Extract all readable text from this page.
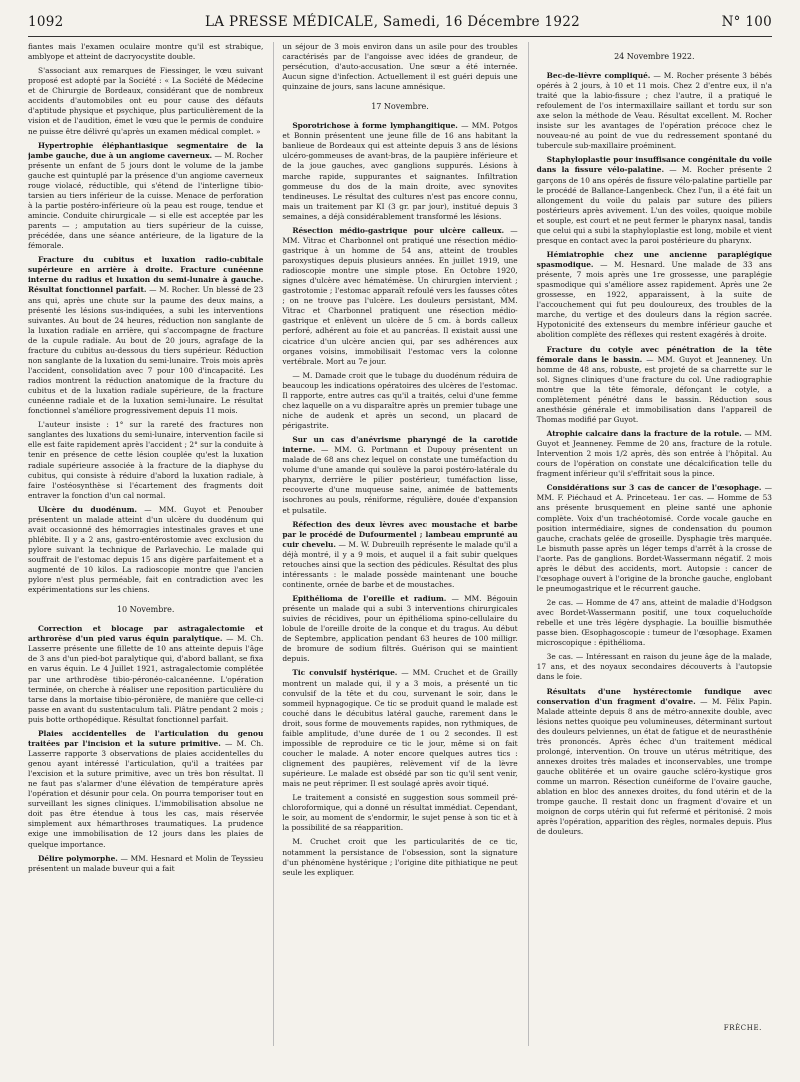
1092	LA PRESSE MÉDICALE, Samedi, 16 Décembre 1922	N° 100

fiantes mais l'examen oculaire montre qu'il est strabique, amblyope et atteint de dacryocystite double.

S'associant aux remarques de Fiessinger, le vœu suivant proposé est adopté par la Société : « La Société de Médecine et de Chirurgie de Bordeaux, considérant que de nombreux accidents d'automobiles ont eu pour cause des défauts d'aptitude physique et psychique, plus particulièrement de la vision et de l'audition, émet le vœu que le permis de conduire ne puisse être délivré qu'après un examen médical complet. »

Hypertrophie éléphantiasique segmentaire de la jambe gauche, due à un angiome caverneux. — M. Rocher présente un enfant de 5 jours dont le volume de la jambe gauche est quintuplé par la présence d'un angiome caverneux rouge violacé, réductible, qui s'étend de l'interligne tibio-tarsien au tiers inférieur de la cuisse. Menace de perforation à la partie postéro-inférieure où la peau est rouge, tendue et amincie. Conduite chirurgicale — si elle est acceptée par les parents — ; amputation au tiers supérieur de la cuisse, précédée, dans une séance antérieure, de la ligature de la fémorale.

Fracture du cubitus et luxation radio-cubitale supérieure en arrière à droite. Fracture cunéenne interne du radius et luxation du semi-lunaire à gauche. Résultat fonctionnel parfait. — M. Rocher. Un blessé de 23 ans qui, après une chute sur la paume des deux mains, a présenté les lésions sus-indiquées, a subi les interventions suivantes. Au bout de 24 heures, réduction non sanglante de la luxation radiale en arrière, qui s'accompagne de fracture de la cupule radiale. Au bout de 20 jours, agrafage de la fracture du cubitus au-dessous du tiers supérieur. Réduction non sanglante de la luxation du semi-lunaire. Trois mois après l'accident, consolidation avec 7 pour 100 d'incapacité. Les radios montrent la réduction anatomique de la fracture du cubitus et de la luxation radiale supérieure, de la fracture cunéenne radiale et de la luxation semi-lunaire. Le résultat fonctionnel s'améliore progressivement depuis 11 mois.

L'auteur insiste : 1° sur la rareté des fractures non sanglantes des luxations du semi-lunaire, intervention facile si elle est faite rapidement après l'accident ; 2° sur la conduite à tenir en présence de cette lésion couplée qu'est la luxation radiale supérieure associée à la fracture de la diaphyse du cubitus, qui consiste à réduire d'abord la luxation radiale, à faire l'ostéosynthèse si l'écartement des fragments doit entraver la fonction d'un cal normal.

Ulcère du duodénum. — MM. Guyot et Penouber présentent un malade atteint d'un ulcère du duodénum qui avait occasionné des hémorragies intestinales graves et une phlébite. Il y a 2 ans, gastro-entérostomie avec exclusion du pylore suivant la technique de Parlavechio. Le malade qui souffrait de l'estomac depuis 15 ans digère parfaitement et a augmenté de 10 kilos. La radioscopie montre que l'ancien pylore n'est plus perméable, fait en contradiction avec les expérimentations sur les chiens.

10 Novembre.

Correction et blocage par astragalectomie et arthrorèse d'un pied varus équin paralytique. — M. Ch. Lasserre présente une fillette de 10 ans atteinte depuis l'âge de 3 ans d'un pied-bot paralytique qui, d'abord ballant, se fixa en varus équin. Le 4 Juillet 1921, astragalectomie complétée par une arthrodèse tibio-péronéo-calcanéenne. L'opération terminée, on cherche à réaliser une reposition particulière du tarse dans la mortaise tibio-péronière, de manière que celle-ci passe en avant du sustentaculum tali. Plâtre pendant 2 mois ; puis botte orthopédique. Résultat fonctionnel parfait.

Plaies accidentelles de l'articulation du genou traitées par l'incision et la suture primitive. — M. Ch. Lasserre rapporte 3 observations de plaies accidentelles du genou ayant intéressé l'articulation, qu'il a traitées par l'excision et la suture primitive, avec un très bon résultat. Il ne faut pas s'alarmer d'une élévation de température après l'opération et désunir pour cela. On pourra temporiser tout en surveillant les signes cliniques. L'immobilisation absolue ne doit pas être étendue à tous les cas, mais réservée simplement aux hémarthroses traumatiques. La prudence exige une immobilisation de 12 jours dans les plaies de quelque importance.

Délire polymorphe. — MM. Hesnard et Molin de Teyssieu présentent un malade buveur qui a fait

un séjour de 3 mois environ dans un asile pour des troubles caractérisés par de l'angoisse avec idées de grandeur, de persécution, d'auto-accusation. Une sœur a été internée. Aucun signe d'infection. Actuellement il est guéri depuis une quinzaine de jours, sans lacune amnésique.

17 Novembre.

Sporotrichose à forme lymphangitique. — MM. Potgos et Bonnin présentent une jeune fille de 16 ans habitant la banlieue de Bordeaux qui est atteinte depuis 3 ans de lésions ulcéro-gommeuses de avant-bras, de la paupière inférieure et de la joue gauches, avec ganglions suppurés. Lésions à marche rapide, suppurantes et saignantes. Infiltration gommeuse du dos de la main droite, avec synovites tendineuses. Le résultat des cultures n'est pas encore connu, mais un traitement par KI (3 gr. par jour), institué depuis 3 semaines, a déjà considérablement transformé les lésions.

Résection médio-gastrique pour ulcère calleux. — MM. Vitrac et Charbonnel ont pratiqué une résection médio-gastrique à un homme de 54 ans, atteint de troubles paroxystiques depuis plusieurs années. En juillet 1919, une radioscopie montre une simple ptose. En Octobre 1920, signes d'ulcère avec hématémèse. Un chirurgien intervient ; gastrotomie ; l'estomac apparaît refoulé vers les fausses côtes ; on ne trouve pas l'ulcère. Les douleurs persistant, MM. Vitrac et Charbonnel pratiquent une résection médio-gastrique et enlèvent un ulcère de 5 cm. à bords calleux perforé, adhérent au foie et au pancréas. Il existait aussi une cicatrice d'un ulcère ancien qui, par ses adhérences aux organes voisins, immobilisait l'estomac vers la colonne vertébrale. Mort au 7e jour.

— M. Damade croit que le tubage du duodénum réduira de beaucoup les indications opératoires des ulcères de l'estomac. Il rapporte, entre autres cas qu'il a traités, celui d'une femme chez laquelle on a vu disparaître après un premier tubage une niche de audenk et après un second, un placard de périgastrite.

Sur un cas d'anévrisme pharyngé de la carotide interne. — MM. G. Portmann et Dupouy présentent un malade de 68 ans chez lequel on constate une tuméfaction du volume d'une amande qui soulève la paroi postéro-latérale du pharynx, derrière le pilier postérieur, tuméfaction lisse, recouverte d'une muqueuse saine, animée de battements isochrones au pouls, réniforme, régulière, douée d'expansion et pulsatile.

Réfection des deux lèvres avec moustache et barbe par le procédé de Dufourmentel ; lambeau emprunté au cuir chevelu. — M. W. Dubreuilh représente le malade qu'il a déjà montré, il y a 9 mois, et auquel il a fait subir quelques retouches ainsi que la section des pédicules. Résultat des plus intéressants : le malade possède maintenant une bouche continente, ornée de barbe et de moustaches.

Epithélioma de l'oreille et radium. — MM. Bégouin présente un malade qui a subi 3 interventions chirurgicales suivies de récidives, pour un épithélioma spino-cellulaire du lobule de l'oreille droite de la conque et du tragus. Au début de Septembre, application pendant 63 heures de 100 milligr. de bromure de sodium filtrés. Guérison qui se maintient depuis.

Tic convulsif hystérique. — MM. Cruchet et de Grailly montrent un malade qui, il y a 3 mois, a présenté un tic convulsif de la tête et du cou, survenant le soir, dans le sommeil hypnagogique. Ce tic se produit quand le malade est couché dans le décubitus latéral gauche, rarement dans le droit, sous forme de mouvements rapides, non rythmiques, de faible amplitude, d'une durée de 1 ou 2 secondes. Il est impossible de reproduire ce tic le jour, même si on fait coucher le malade. A noter encore quelques autres tics : clignement des paupières, relèvement vif de la lèvre supérieure. Le malade est obsédé par son tic qu'il sent venir, mais ne peut réprimer. Il est soulagé après avoir tiqué.

Le traitement a consisté en suggestion sous sommeil pré-chloroformique, qui a donné un résultat immédiat. Cependant, le soir, au moment de s'endormir, le sujet pense à son tic et à la possibilité de sa réapparition.

M. Cruchet croit que les particularités de ce tic, notamment la persistance de l'obsession, sont la signature d'un phénomène hystérique ; l'origine dite pithiatique ne peut seule les expliquer.

24 Novembre 1922.

Bec-de-lièvre compliqué. — M. Rocher présente 3 bébés opérés à 2 jours, à 10 et 11 mois. Chez 2 d'entre eux, il n'a traité que la labio-fissure ; chez l'autre, il a pratiqué le refoulement de l'os intermaxillaire saillant et tordu sur son axe selon la méthode de Veau. Résultat excellent. M. Rocher insiste sur les avantages de l'opération précoce chez le nouveau-né au point de vue du redressement spontané du tubercule sub-maxillaire proéminent.

Staphyloplastie pour insuffisance congénitale du voile dans la fissure vélo-palatine. — M. Rocher présente 2 garçons de 10 ans opérés de fissure vélo-palatine partielle par le procédé de Ballance-Langenbeck. Chez l'un, il a été fait un allongement du voile du palais par suture des piliers postérieurs après avivement. L'un des voiles, quoique mobile et souple, est court et ne peut fermer le pharynx nasal, tandis que celui qui a subi la staphyloplastie est long, mobile et vient presque en contact avec la paroi postérieure du pharynx.

Hémiatrophie chez une ancienne paraplégique spasmodique. — M. Hesnard. Une malade de 33 ans présente, 7 mois après une 1re grossesse, une paraplégie spasmodique qui s'améliore assez rapidement. Après une 2e grossesse, en 1922, apparaissent, à la suite de l'accouchement qui fut peu douloureux, des troubles de la marche, du vertige et des douleurs dans la région sacrée. Hypotonicité des extenseurs du membre inférieur gauche et abolition complète des réflexes qui restent exagérés à droite.

Fracture du cotyle avec pénétration de la tête fémorale dans le bassin. — MM. Guyot et Jeanneney. Un homme de 48 ans, robuste, est projeté de sa charrette sur le sol. Signes cliniques d'une fracture du col. Une radiographie montre que la tête fémorale, défonçant le cotyle, a complètement pénétré dans le bassin. Réduction sous anesthésie générale et immobilisation dans l'appareil de Thomas modifié par Guyot.

Atrophie calcaire dans la fracture de la rotule. — MM. Guyot et Jeanneney. Femme de 20 ans, fracture de la rotule. Intervention 2 mois 1/2 après, dès son entrée à l'hôpital. Au cours de l'opération on constate une décalcification telle du fragment inférieur qu'il s'effritait sous la pince.

Considérations sur 3 cas de cancer de l'œsophage. — MM. F. Piéchaud et A. Princeteau. 1er cas. — Homme de 53 ans présente brusquement en pleine santé une aphonie complète. Voix d'un trachéotomisé. Corde vocale gauche en position intermédiaire, signes de condensation du poumon gauche, crachats gelée de groseille. Dysphagie très marquée. Le bismuth passe après un léger temps d'arrêt à la crosse de l'aorte. Pas de ganglions. Bordet-Wassermann négatif. 2 mois après le début des accidents, mort. Autopsie : cancer de l'œsophage ouvert à l'origine de la bronche gauche, englobant le pneumogastrique et le récurrent gauche.

2e cas. — Homme de 47 ans, atteint de maladie d'Hodgson avec Bordet-Wassermann positif, une toux coqueluchoïde rebelle et une très légère dysphagie. La bouillie bismuthée passe bien. Œsophagoscopie : tumeur de l'œsophage. Examen microscopique : épithélioma.

3e cas. — Intéressant en raison du jeune âge de la malade, 17 ans, et des noyaux secondaires découverts à l'autopsie dans le foie.

Résultats d'une hystérectomie fundique avec conservation d'un fragment d'ovaire. — M. Félix Papin. Malade atteinte depuis 8 ans de métro-annexite double, avec lésions nettes quoique peu volumineuses, déterminant surtout des douleurs pelviennes, un état de fatigue et de neurasthénie très prononcés. Après échec d'un traitement médical prolongé, intervention. On trouve un utérus métritique, des annexes droites très malades et inconservables, une trompe gauche oblitérée et un ovaire gauche scléro-kystique gros comme un marron. Résection cunéiforme de l'ovaire gauche, ablation en bloc des annexes droites, du fond utérin et de la trompe gauche. Il restait donc un fragment d'ovaire et un moignon de corps utérin qui fut refermé et péritonisé. 2 mois après l'opération, apparition des règles, normales depuis. Plus de douleurs.

FRÈCHE.
